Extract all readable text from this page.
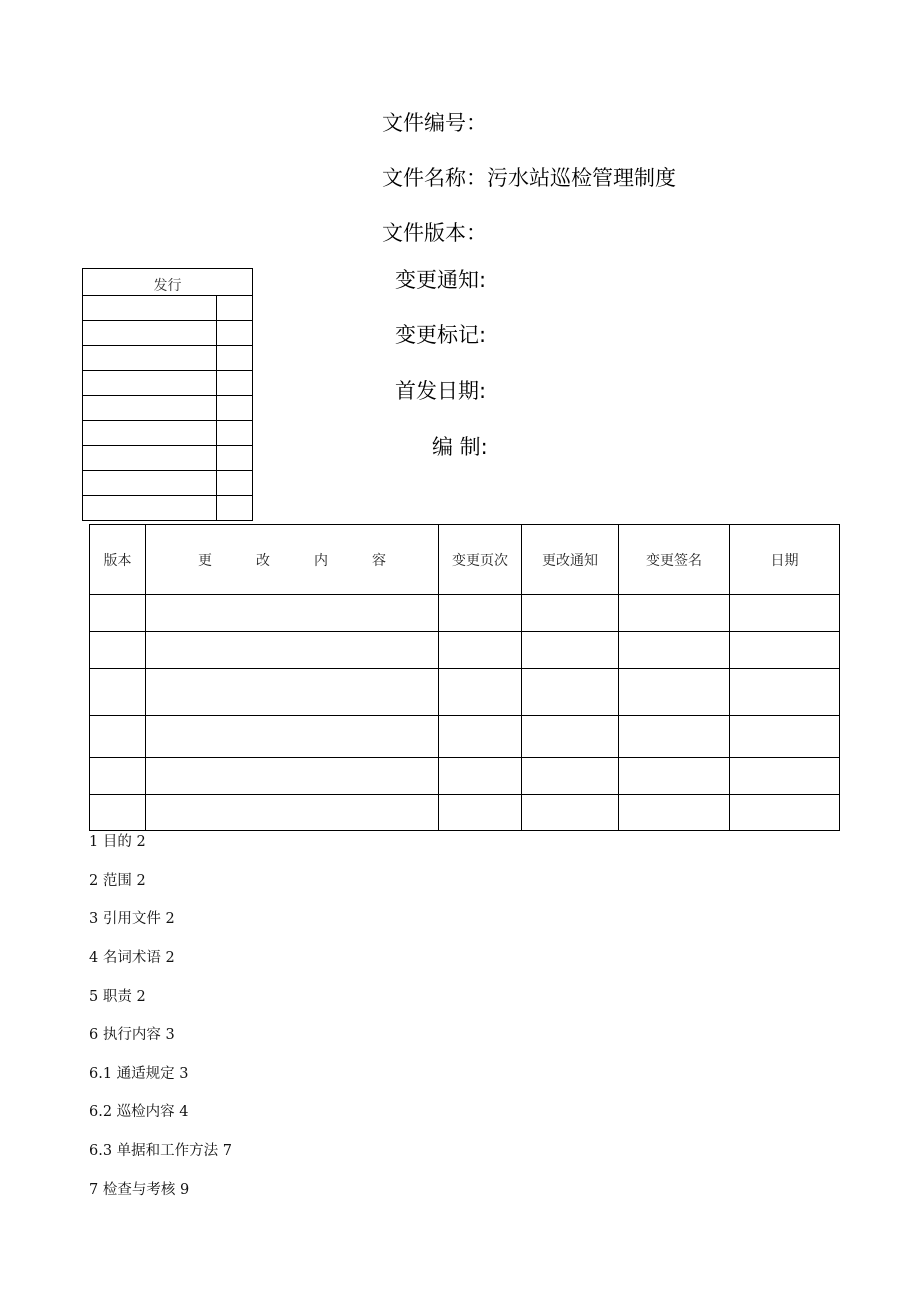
文件编号：
文件名称：污水站巡检管理制度
文件版本：
变更通知:
变更标记:
首发日期:
编 制:
发行	

版本	更 改 内 容	变更页次	更改通知	变更签名	日期

1 目的 2
2 范围 2
3 引用文件 2
4 名词术语 2
5 职责 2
6 执行内容 3
6.1 通适规定 3
6.2 巡检内容 4
6.3 单据和工作方法 7
7 检查与考核 9
